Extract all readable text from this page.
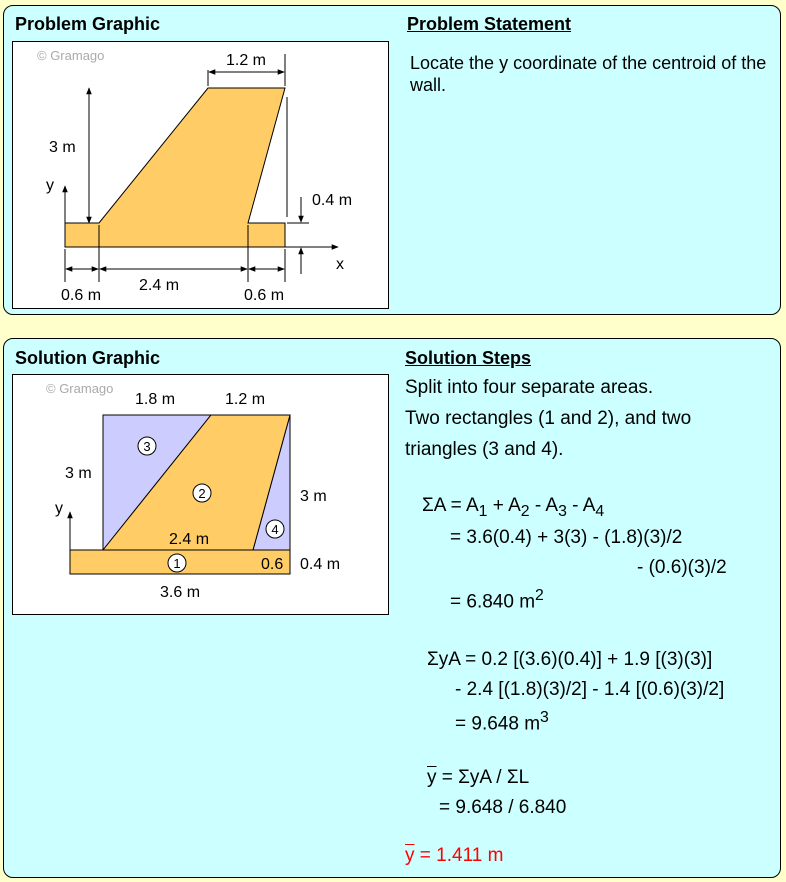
Problem Graphic	Problem Statement
1.2 m
3 m
y
0.4 m
x
0.6 m
2.4 m
0.6 m
© Gramago	Locate the y coordinate of the centroid of the wall.
Solution Graphic	Solution Steps
3
2
4
1
y
© Gramago
1.8 m	1.2 m
3 m
3 m
2.4 m
0.6 0.4 m
3.6 m
Split into four separate areas.
Two rectangles (1 and 2), and two
triangles (3 and 4).
$\Sigma A = A_1 + A_2 - A_3 - A_4$
= 3.6(0.4) + 3(3) - (1.8)(3)/2
- (0.6)(3)/2
= 6.840 $m^2$
ΣyA = 0.2 [(3.6)(0.4)] + 1.9 [(3)(3)]
- 2.4 [(1.8)(3)/2] - 1.4 [(0.6)(3)/2]
= 9.648 $m^3$
$\overline{y} = \Sigma yA / \Sigma L$
= 9.648 / 6.840
$\overline{y} = 1.411$ m
